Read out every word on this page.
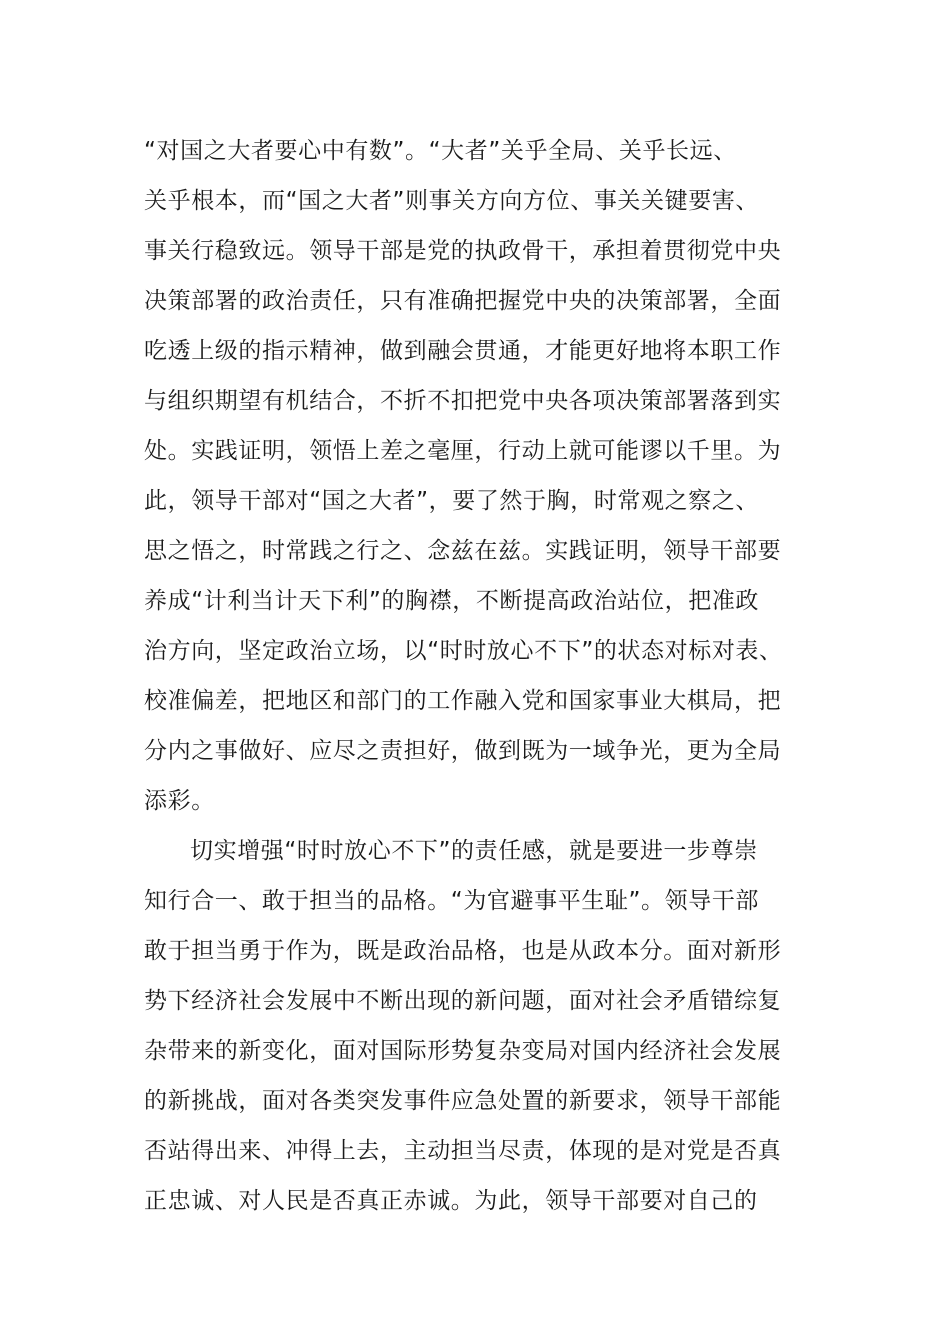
“对国之大者要心中有数”。“大者”关乎全局、关乎长远、
关乎根本，而“国之大者”则事关方向方位、事关关键要害、
事关行稳致远。领导干部是党的执政骨干，承担着贯彻党中央
决策部署的政治责任，只有准确把握党中央的决策部署，全面
吃透上级的指示精神，做到融会贯通，才能更好地将本职工作
与组织期望有机结合，不折不扣把党中央各项决策部署落到实
处。实践证明，领悟上差之毫厘，行动上就可能谬以千里。为
此，领导干部对“国之大者”，要了然于胸，时常观之察之、
思之悟之，时常践之行之、念兹在兹。实践证明，领导干部要
养成“计利当计天下利”的胸襟，不断提高政治站位，把准政
治方向，坚定政治立场，以“时时放心不下”的状态对标对表、
校准偏差，把地区和部门的工作融入党和国家事业大棋局，把
分内之事做好、应尽之责担好，做到既为一域争光，更为全局
添彩。
切实增强“时时放心不下”的责任感，就是要进一步尊崇
知行合一、敢于担当的品格。“为官避事平生耻”。领导干部
敢于担当勇于作为，既是政治品格，也是从政本分。面对新形
势下经济社会发展中不断出现的新问题，面对社会矛盾错综复
杂带来的新变化，面对国际形势复杂变局对国内经济社会发展
的新挑战，面对各类突发事件应急处置的新要求，领导干部能
否站得出来、冲得上去，主动担当尽责，体现的是对党是否真
正忠诚、对人民是否真正赤诚。为此，领导干部要对自己的
